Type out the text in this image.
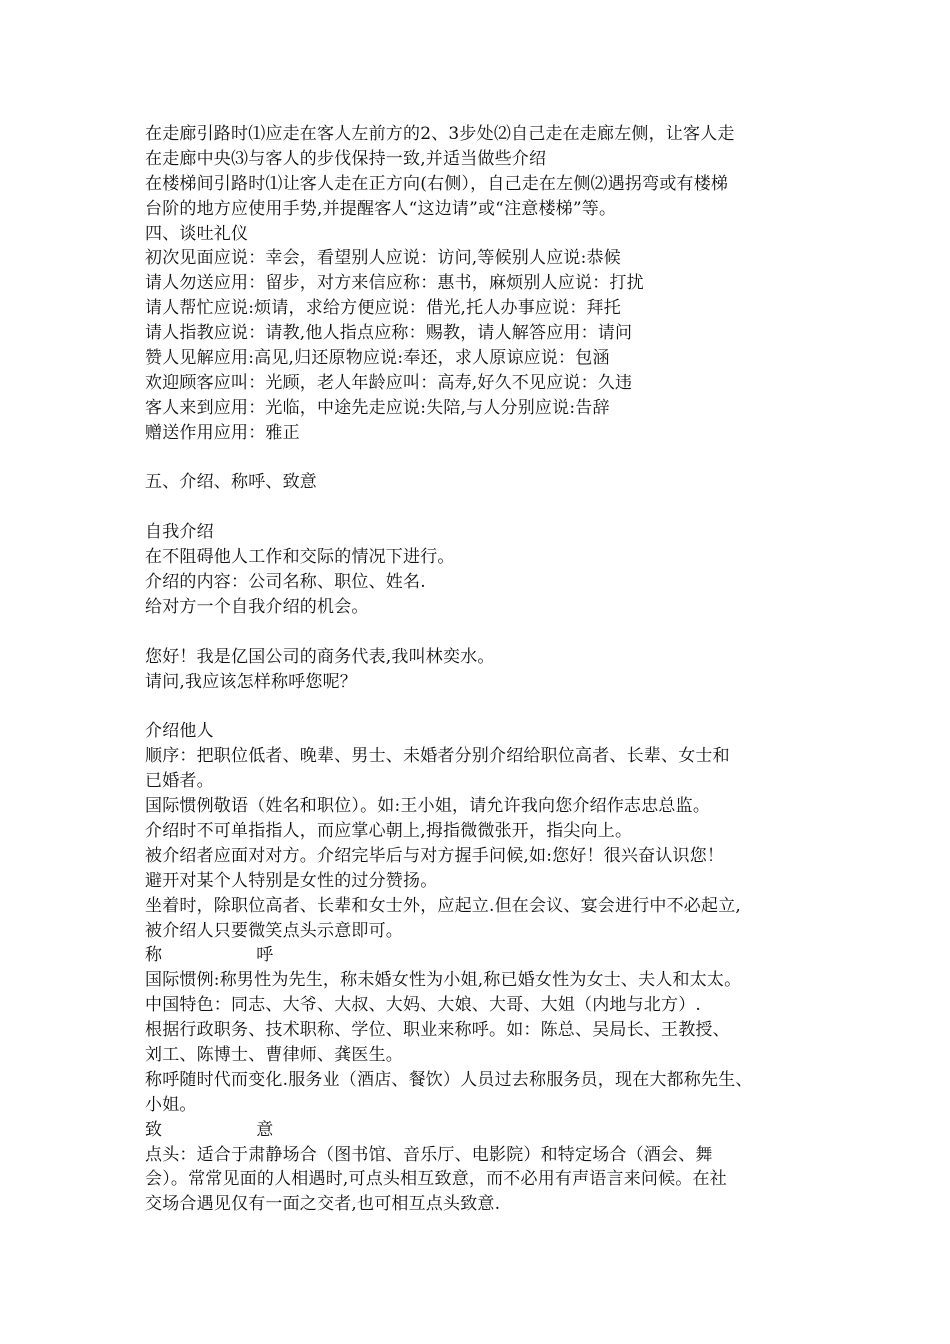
在走廊引路时⑴应走在客人左前方的2、3步处⑵自己走在走廊左侧，让客人走
在走廊中央⑶与客人的步伐保持一致,并适当做些介绍
在楼梯间引路时⑴让客人走在正方向(右侧），自己走在左侧⑵遇拐弯或有楼梯
台阶的地方应使用手势,并提醒客人“这边请”或“注意楼梯”等。
四、谈吐礼仪
初次见面应说：幸会，看望别人应说：访问,等候别人应说:恭候
请人勿送应用：留步，对方来信应称：惠书，麻烦别人应说：打扰
请人帮忙应说:烦请，求给方便应说：借光,托人办事应说：拜托
请人指教应说：请教,他人指点应称：赐教，请人解答应用：请问
赞人见解应用:高见,归还原物应说:奉还，求人原谅应说：包涵
欢迎顾客应叫：光顾，老人年龄应叫：高寿,好久不见应说：久违
客人来到应用：光临，中途先走应说:失陪,与人分别应说:告辞
赠送作用应用：雅正
五、介绍、称呼、致意
自我介绍
在不阻碍他人工作和交际的情况下进行。
介绍的内容：公司名称、职位、姓名.
给对方一个自我介绍的机会。
您好！我是亿国公司的商务代表,我叫林奕水。
请问,我应该怎样称呼您呢？
介绍他人
顺序：把职位低者、晚辈、男士、未婚者分别介绍给职位高者、长辈、女士和
已婚者。
国际惯例敬语（姓名和职位）。如:王小姐，请允许我向您介绍作志忠总监。
介绍时不可单指指人，而应掌心朝上,拇指微微张开，指尖向上。
被介绍者应面对对方。介绍完毕后与对方握手问候,如:您好！很兴奋认识您！
避开对某个人特别是女性的过分赞扬。
坐着时，除职位高者、长辈和女士外，应起立.但在会议、宴会进行中不必起立,
被介绍人只要微笑点头示意即可。
称	呼
国际惯例:称男性为先生，称未婚女性为小姐,称已婚女性为女士、夫人和太太。
中国特色：同志、大爷、大叔、大妈、大娘、大哥、大姐（内地与北方）.
根据行政职务、技术职称、学位、职业来称呼。如：陈总、吴局长、王教授、
刘工、陈博士、曹律师、龚医生。
称呼随时代而变化.服务业（酒店、餐饮）人员过去称服务员，现在大都称先生、
小姐。
致	意
点头：适合于肃静场合（图书馆、音乐厅、电影院）和特定场合（酒会、舞
会）。常常见面的人相遇时,可点头相互致意，而不必用有声语言来问候。在社
交场合遇见仅有一面之交者,也可相互点头致意.
